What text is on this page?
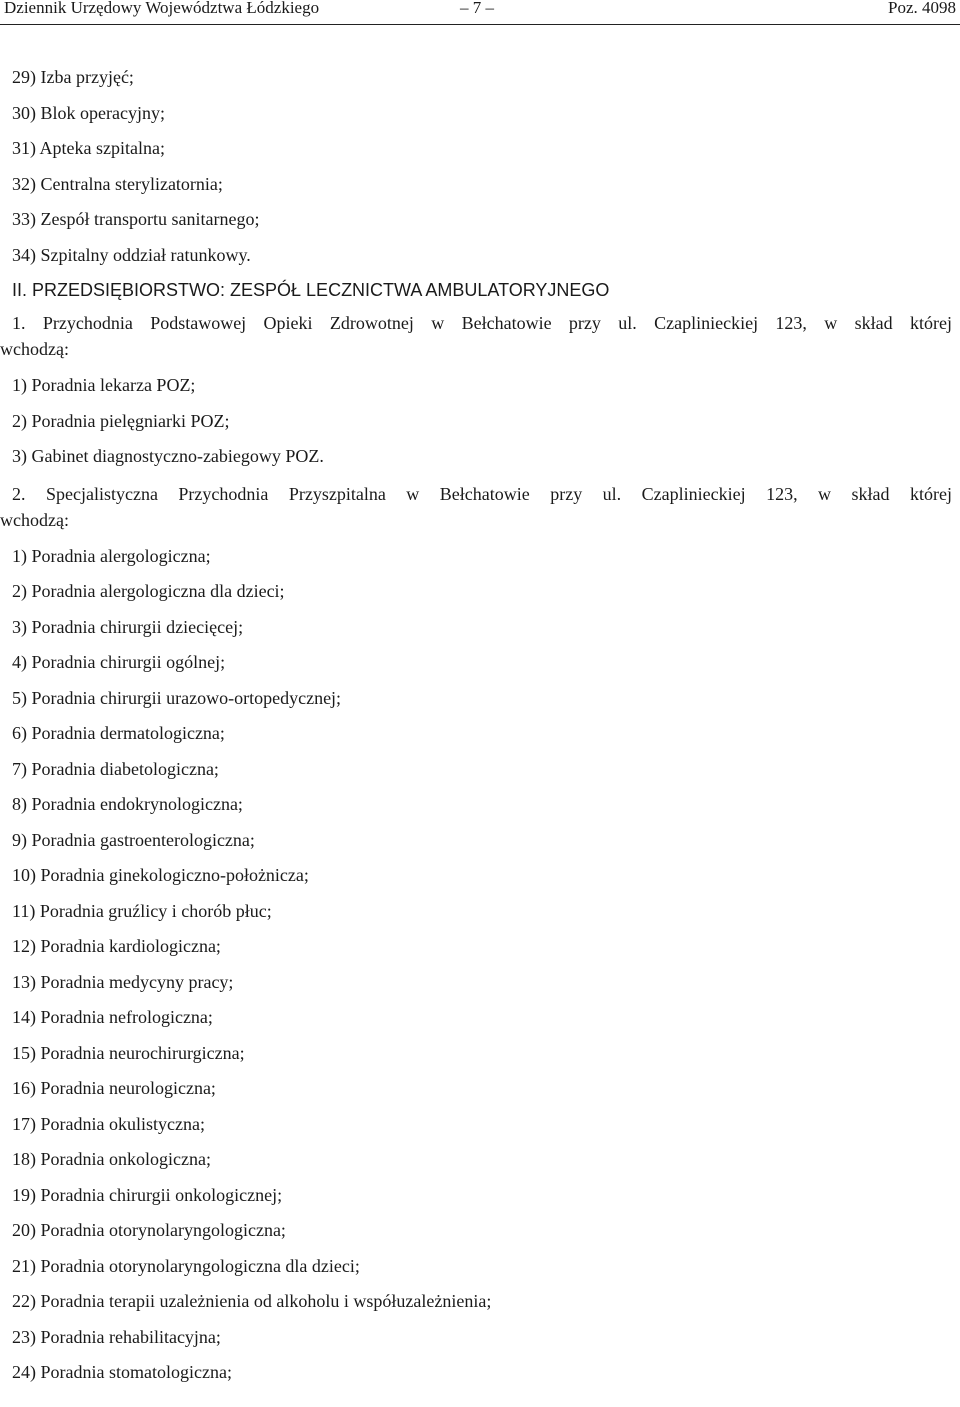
Dziennik Urzędowy Województwa Łódzkiego	– 7 –	Poz. 4098
29) Izba przyjęć;
30) Blok operacyjny;
31) Apteka szpitalna;
32) Centralna sterylizatornia;
33) Zespół transportu sanitarnego;
34) Szpitalny oddział ratunkowy.
II. PRZEDSIĘBIORSTWO: ZESPÓŁ LECZNICTWA AMBULATORYJNEGO
1. Przychodnia Podstawowej Opieki Zdrowotnej w Bełchatowie przy ul. Czaplinieckiej 123, w skład której
wchodzą:
1) Poradnia lekarza POZ;
2) Poradnia pielęgniarki POZ;
3) Gabinet diagnostyczno-zabiegowy POZ.
2. Specjalistyczna Przychodnia Przyszpitalna w Bełchatowie przy ul. Czaplinieckiej 123, w skład której
wchodzą:
1) Poradnia alergologiczna;
2) Poradnia alergologiczna dla dzieci;
3) Poradnia chirurgii dziecięcej;
4) Poradnia chirurgii ogólnej;
5) Poradnia chirurgii urazowo-ortopedycznej;
6) Poradnia dermatologiczna;
7) Poradnia diabetologiczna;
8) Poradnia endokrynologiczna;
9) Poradnia gastroenterologiczna;
10) Poradnia ginekologiczno-położnicza;
11) Poradnia gruźlicy i chorób płuc;
12) Poradnia kardiologiczna;
13) Poradnia medycyny pracy;
14) Poradnia nefrologiczna;
15) Poradnia neurochirurgiczna;
16) Poradnia neurologiczna;
17) Poradnia okulistyczna;
18) Poradnia onkologiczna;
19) Poradnia chirurgii onkologicznej;
20) Poradnia otorynolaryngologiczna;
21) Poradnia otorynolaryngologiczna dla dzieci;
22) Poradnia terapii uzależnienia od alkoholu i współuzależnienia;
23) Poradnia rehabilitacyjna;
24) Poradnia stomatologiczna;
